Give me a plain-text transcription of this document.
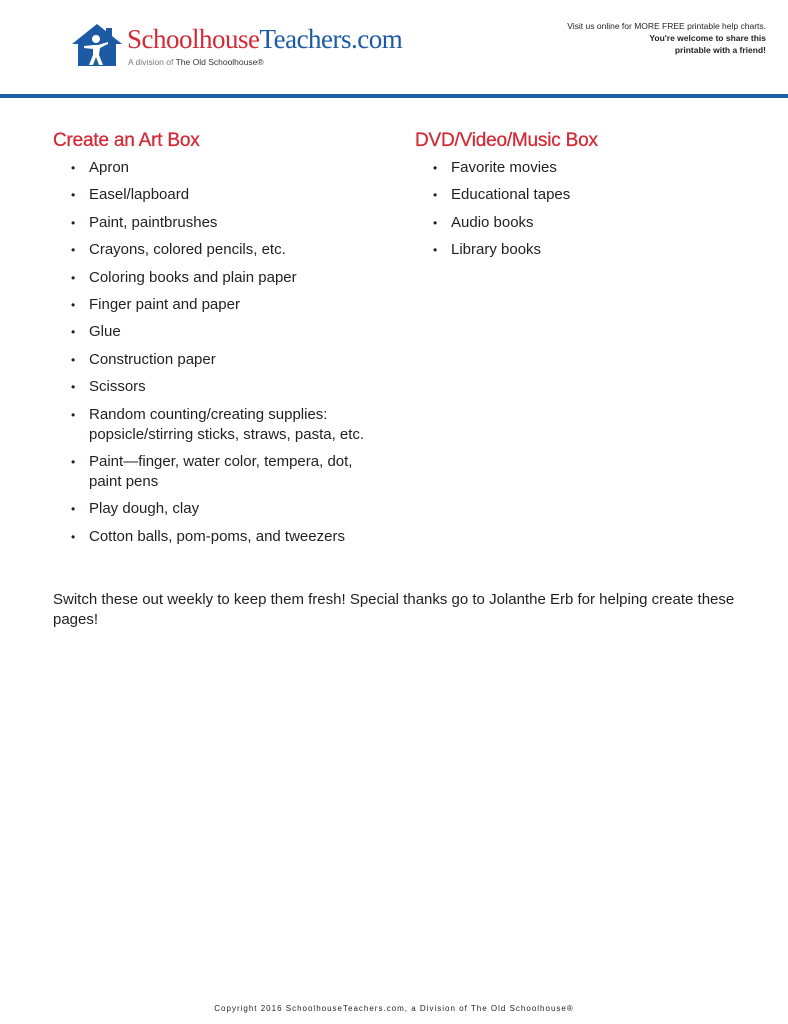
SchoolhouseTeachers.com
A division of The Old Schoolhouse®
Visit us online for MORE FREE printable help charts.
You're welcome to share this
printable with a friend!
Create an Art Box
• Apron
• Easel/lapboard
• Paint, paintbrushes
• Crayons, colored pencils, etc.
• Coloring books and plain paper
• Finger paint and paper
• Glue
• Construction paper
• Scissors
• Random counting/creating supplies: popsicle/stirring sticks, straws, pasta, etc.
• Paint—finger, water color, tempera, dot, paint pens
• Play dough, clay
• Cotton balls, pom-poms, and tweezers
DVD/Video/Music Box
• Favorite movies
• Educational tapes
• Audio books
• Library books
Switch these out weekly to keep them fresh! Special thanks go to Jolanthe Erb for helping create these pages!
Copyright 2016 SchoolhouseTeachers.com, a Division of The Old Schoolhouse®
